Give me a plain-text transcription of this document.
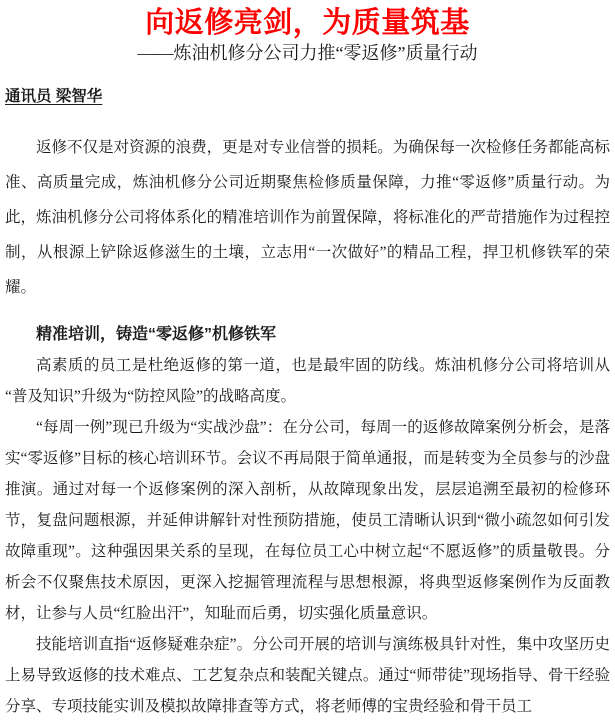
向返修亮剑，为质量筑基
——炼油机修分公司力推“零返修”质量行动
通讯员 梁智华

返修不仅是对资源的浪费，更是对专业信誉的损耗。为确保每一次检修任务都能高标准、高质量完成，炼油机修分公司近期聚焦检修质量保障，力推“零返修”质量行动。为此，炼油机修分公司将体系化的精准培训作为前置保障，将标准化的严苛措施作为过程控制，从根源上铲除返修滋生的土壤，立志用“一次做好”的精品工程，捍卫机修铁军的荣耀。

精准培训，铸造“零返修”机修铁军

高素质的员工是杜绝返修的第一道，也是最牢固的防线。炼油机修分公司将培训从“普及知识”升级为“防控风险”的战略高度。

“每周一例”现已升级为“实战沙盘”：在分公司，每周一的返修故障案例分析会，是落实“零返修”目标的核心培训环节。会议不再局限于简单通报，而是转变为全员参与的沙盘推演。通过对每一个返修案例的深入剖析，从故障现象出发，层层追溯至最初的检修环节，复盘问题根源，并延伸讲解针对性预防措施，使员工清晰认识到“微小疏忽如何引发故障重现”。这种强因果关系的呈现，在每位员工心中树立起“不愿返修”的质量敬畏。分析会不仅聚焦技术原因，更深入挖掘管理流程与思想根源，将典型返修案例作为反面教材，让参与人员“红脸出汗”，知耻而后勇，切实强化质量意识。

技能培训直指“返修疑难杂症”。分公司开展的培训与演练极具针对性，集中攻坚历史上易导致返修的技术难点、工艺复杂点和装配关键点。通过“师带徒”现场指导、骨干经验分享、专项技能实训及模拟故障排查等方式，将老师傅的宝贵经验和骨干员工
